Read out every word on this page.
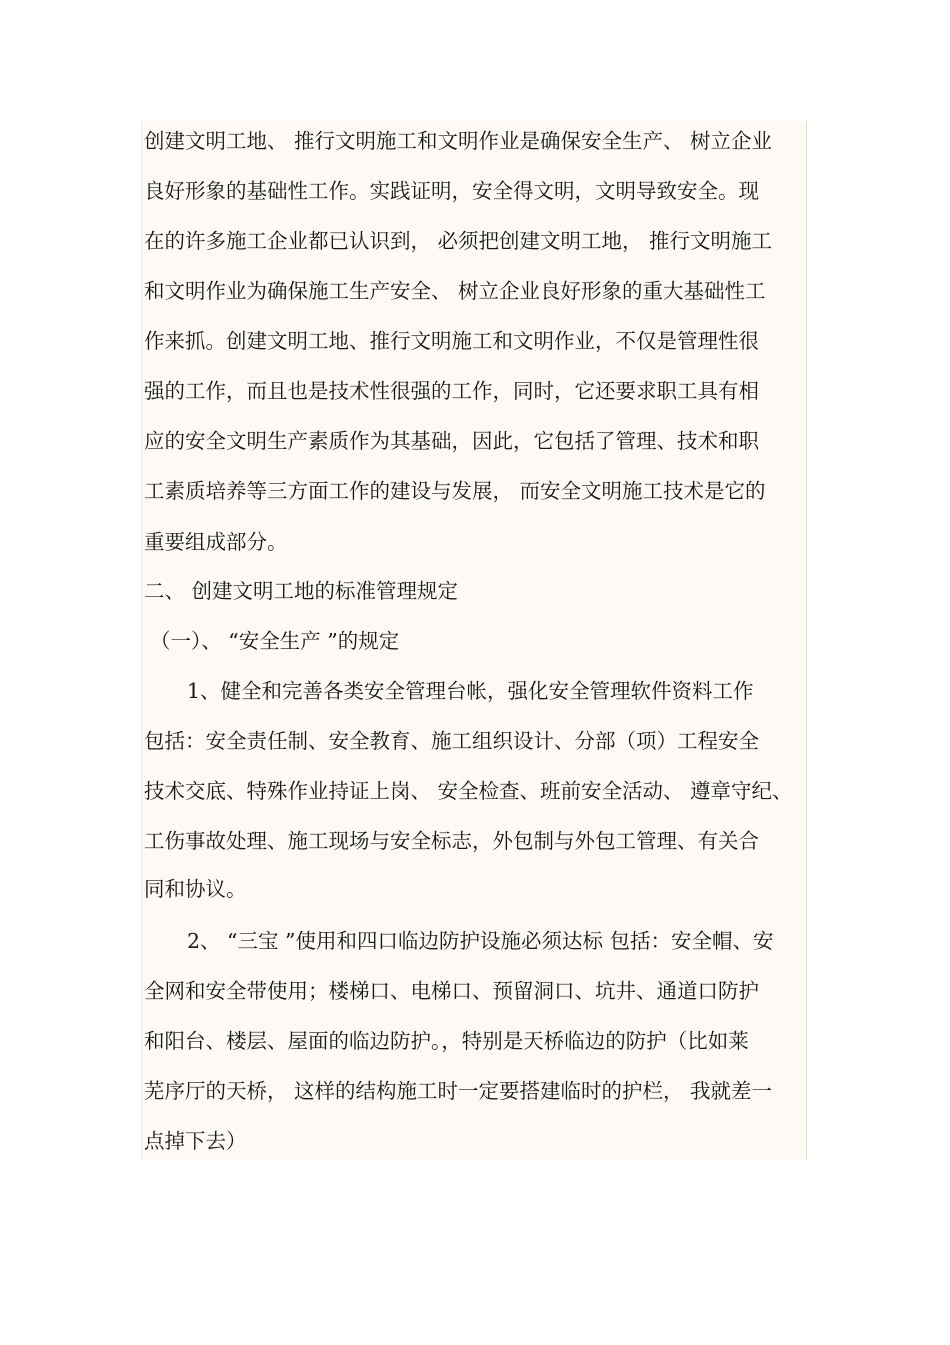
创建文明工地、 推行文明施工和文明作业是确保安全生产、 树立企业
良好形象的基础性工作。实践证明，安全得文明，文明导致安全。现
在的许多施工企业都已认识到， 必须把创建文明工地， 推行文明施工
和文明作业为确保施工生产安全、 树立企业良好形象的重大基础性工
作来抓。创建文明工地、推行文明施工和文明作业，不仅是管理性很
强的工作，而且也是技术性很强的工作，同时，它还要求职工具有相
应的安全文明生产素质作为其基础，因此，它包括了管理、技术和职
工素质培养等三方面工作的建设与发展， 而安全文明施工技术是它的
重要组成部分。
二、 创建文明工地的标准管理规定
（一）、 “安全生产 ”的规定
1、健全和完善各类安全管理台帐，强化安全管理软件资料工作
包括：安全责任制、安全教育、施工组织设计、分部（项）工程安全
技术交底、特殊作业持证上岗、 安全检查、班前安全活动、 遵章守纪、
工伤事故处理、施工现场与安全标志，外包制与外包工管理、有关合
同和协议。
2、 “三宝 ”使用和四口临边防护设施必须达标 包括：安全帽、安
全网和安全带使用；楼梯口、电梯口、预留洞口、坑井、通道口防护
和阳台、楼层、屋面的临边防护。，特别是天桥临边的防护（比如莱
芜序厅的天桥， 这样的结构施工时一定要搭建临时的护栏， 我就差一
点掉下去）
